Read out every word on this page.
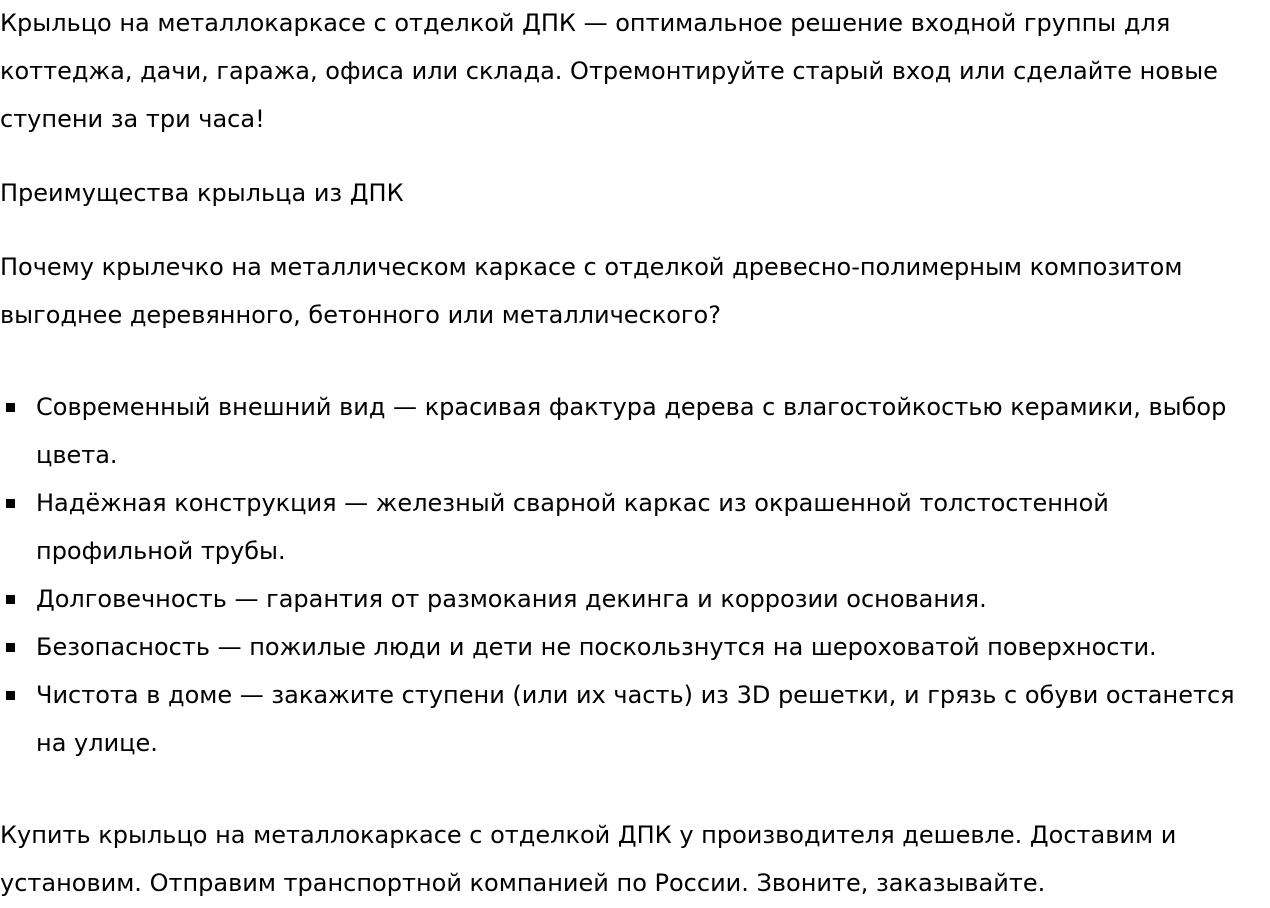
Крыльцо на металлокаркасе с отделкой ДПК — оптимальное решение входной группы для коттеджа, дачи, гаража, офиса или склада. Отремонтируйте старый вход или сделайте новые ступени за три часа!

Преимущества крыльца из ДПК

Почему крылечко на металлическом каркасе с отделкой древесно-полимерным композитом выгоднее деревянного, бетонного или металлического?

Современный внешний вид — красивая фактура дерева с влагостойкостью керамики, выбор цвета.
Надёжная конструкция — железный сварной каркас из окрашенной толстостенной профильной трубы.
Долговечность — гарантия от размокания декинга и коррозии основания.
Безопасность — пожилые люди и дети не поскользнутся на шероховатой поверхности.
Чистота в доме — закажите ступени (или их часть) из 3D решетки, и грязь с обуви останется на улице.

Купить крыльцо на металлокаркасе с отделкой ДПК у производителя дешевле. Доставим и установим. Отправим транспортной компанией по России. Звоните, заказывайте.
